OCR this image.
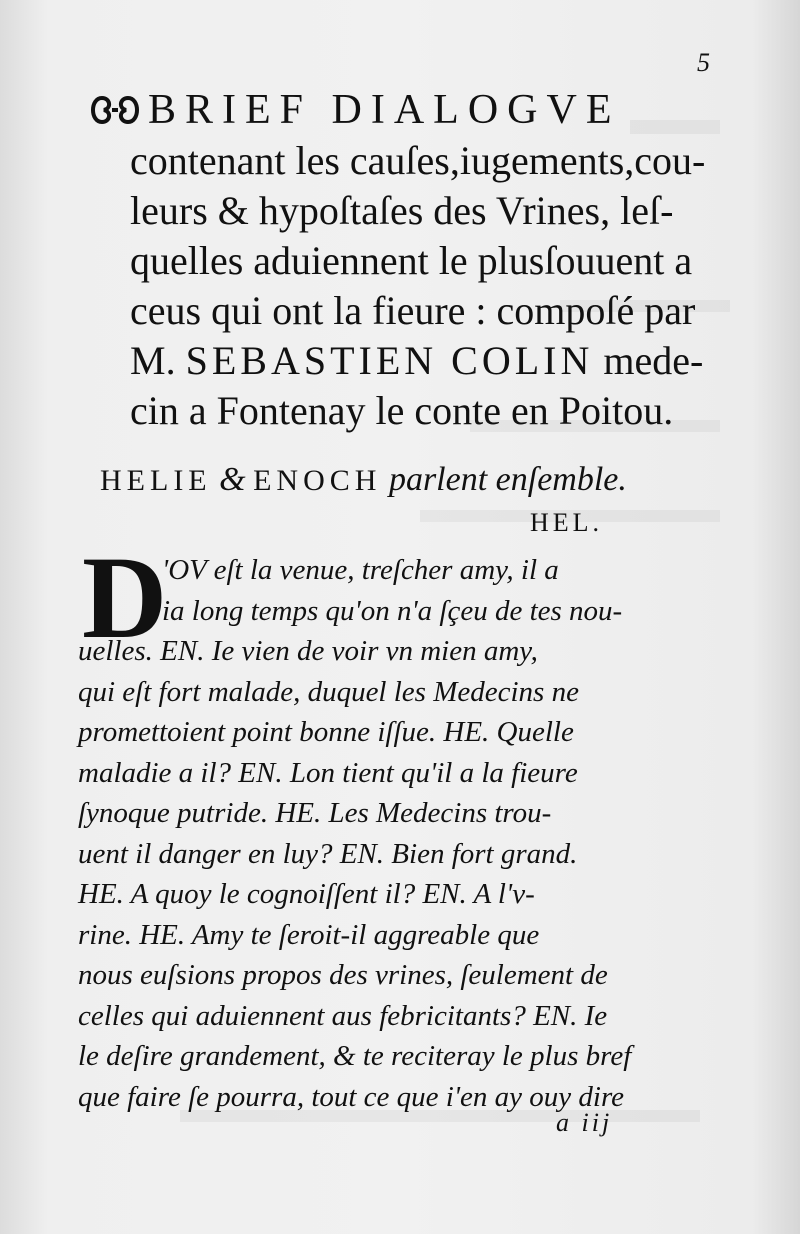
5
BRIEF DIALOGVE
contenant les cauſes,iugements,cou-
leurs & hypoſtaſes des Vrines, leſ-
quelles aduiennent le plusſouuent a
ceus qui ont la fieure : compoſé par
M. SEBASTIEN COLIN mede-
cin a Fontenay le conte en Poitou.
HELIE & ENOCH parlent enſemble.
HEL.
D
'OV eſt la venue, treſcher amy, il a
ia long temps qu'on n'a ſçeu de tes nou-
uelles. EN. Ie vien de voir vn mien amy,
qui eſt fort malade, duquel les Medecins ne
promettoient point bonne iſſue. HE. Quelle
maladie a il? EN. Lon tient qu'il a la fieure
ſynoque putride. HE. Les Medecins trou-
uent il danger en luy? EN. Bien fort grand.
HE. A quoy le cognoiſſent il? EN. A l'v-
rine. HE. Amy te ſeroit-il aggreable que
nous euſsions propos des vrines, ſeulement de
celles qui aduiennent aus febricitants? EN. Ie
le deſire grandement, & te reciteray le plus bref
que faire ſe pourra, tout ce que i'en ay ouy dire
a iij
